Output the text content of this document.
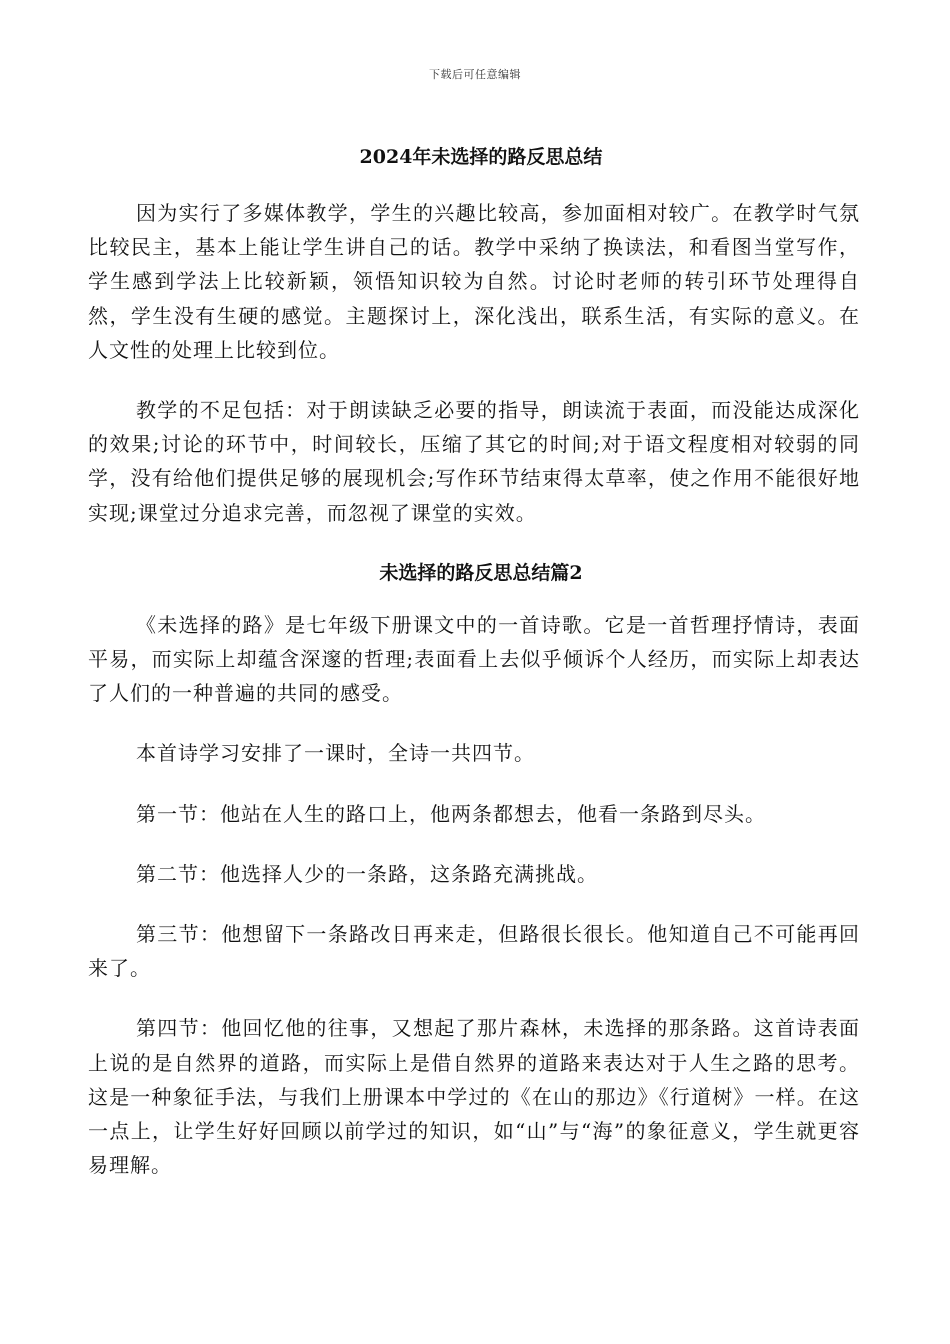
下载后可任意编辑
2024年未选择的路反思总结

因为实行了多媒体教学，学生的兴趣比较高，参加面相对较广。在教学时气氛比较民主，基本上能让学生讲自己的话。教学中采纳了换读法，和看图当堂写作，学生感到学法上比较新颖，领悟知识较为自然。讨论时老师的转引环节处理得自然，学生没有生硬的感觉。主题探讨上，深化浅出，联系生活，有实际的意义。在人文性的处理上比较到位。

教学的不足包括：对于朗读缺乏必要的指导，朗读流于表面，而没能达成深化的效果;讨论的环节中，时间较长，压缩了其它的时间;对于语文程度相对较弱的同学，没有给他们提供足够的展现机会;写作环节结束得太草率，使之作用不能很好地实现;课堂过分追求完善，而忽视了课堂的实效。

未选择的路反思总结篇2

《未选择的路》是七年级下册课文中的一首诗歌。它是一首哲理抒情诗，表面平易，而实际上却蕴含深邃的哲理;表面看上去似乎倾诉个人经历，而实际上却表达了人们的一种普遍的共同的感受。

本首诗学习安排了一课时，全诗一共四节。

第一节：他站在人生的路口上，他两条都想去，他看一条路到尽头。

第二节：他选择人少的一条路，这条路充满挑战。

第三节：他想留下一条路改日再来走，但路很长很长。他知道自己不可能再回来了。

第四节：他回忆他的往事，又想起了那片森林，未选择的那条路。这首诗表面上说的是自然界的道路，而实际上是借自然界的道路来表达对于人生之路的思考。这是一种象征手法，与我们上册课本中学过的《在山的那边》《行道树》一样。在这一点上，让学生好好回顾以前学过的知识，如“山”与“海”的象征意义，学生就更容易理解。
